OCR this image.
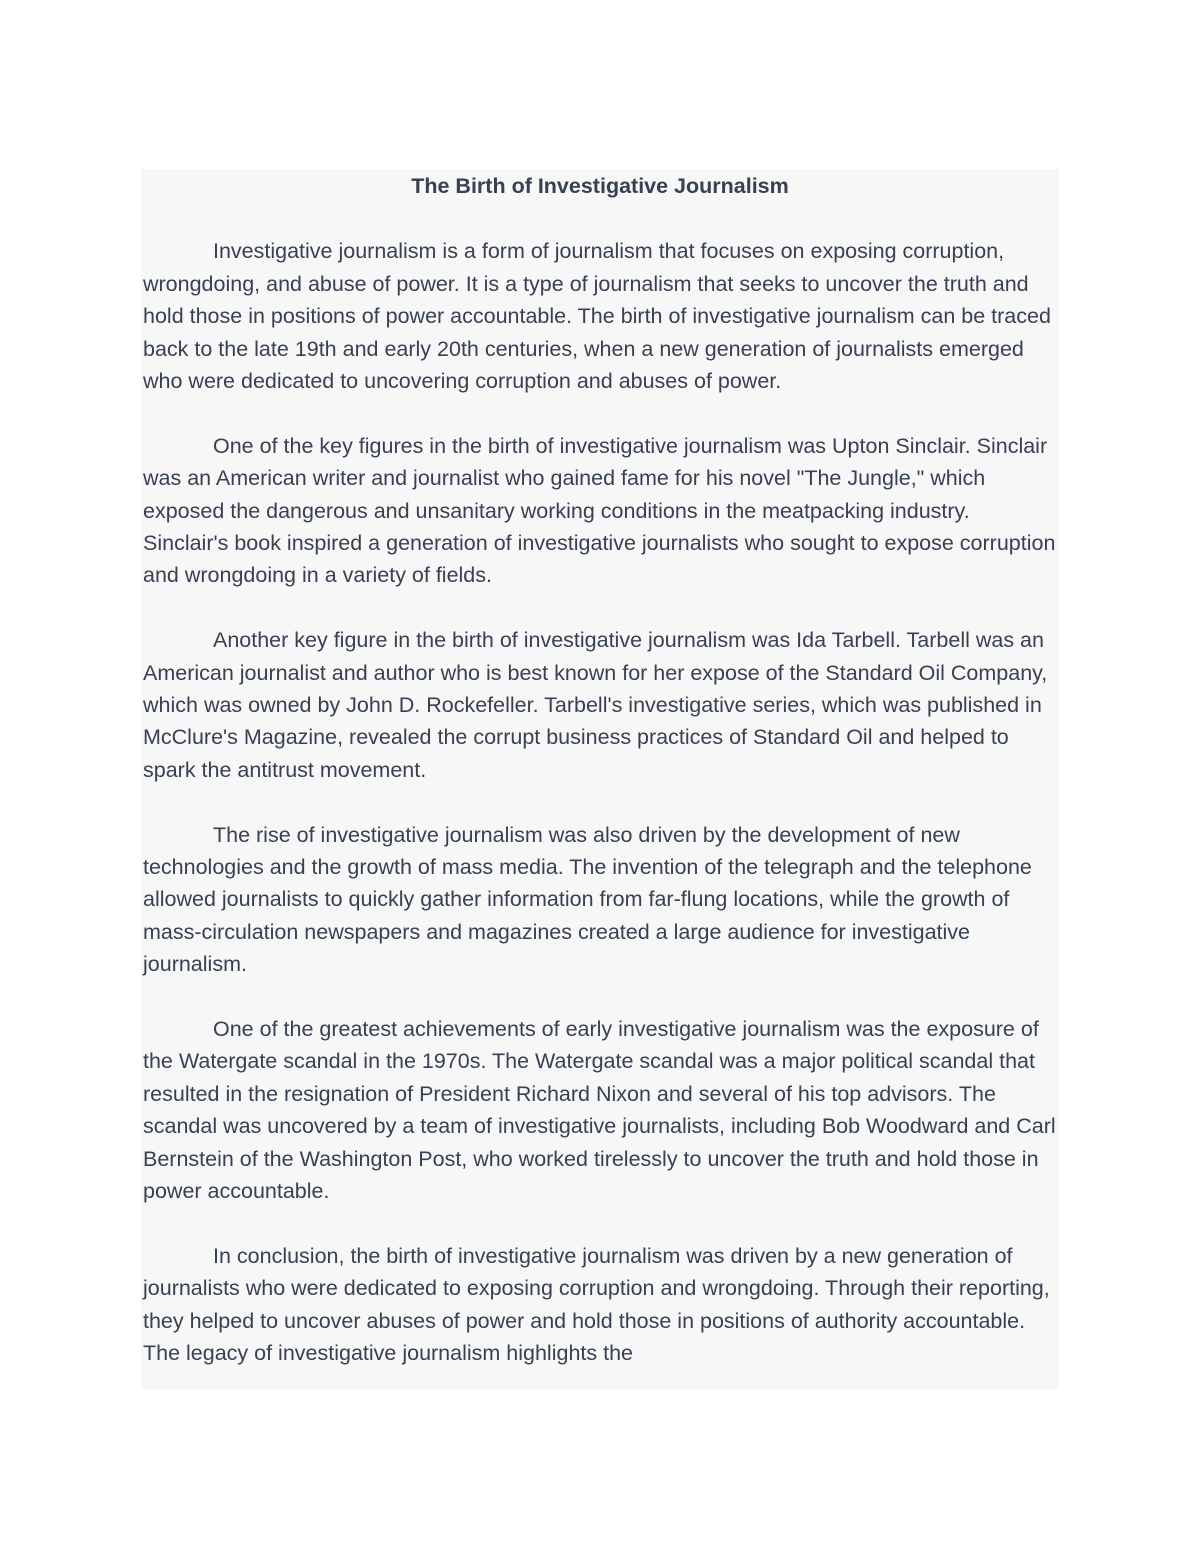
The Birth of Investigative Journalism

Investigative journalism is a form of journalism that focuses on exposing corruption, wrongdoing, and abuse of power. It is a type of journalism that seeks to uncover the truth and hold those in positions of power accountable. The birth of investigative journalism can be traced back to the late 19th and early 20th centuries, when a new generation of journalists emerged who were dedicated to uncovering corruption and abuses of power.

One of the key figures in the birth of investigative journalism was Upton Sinclair. Sinclair was an American writer and journalist who gained fame for his novel "The Jungle," which exposed the dangerous and unsanitary working conditions in the meatpacking industry. Sinclair's book inspired a generation of investigative journalists who sought to expose corruption and wrongdoing in a variety of fields.

Another key figure in the birth of investigative journalism was Ida Tarbell. Tarbell was an American journalist and author who is best known for her expose of the Standard Oil Company, which was owned by John D. Rockefeller. Tarbell's investigative series, which was published in McClure's Magazine, revealed the corrupt business practices of Standard Oil and helped to spark the antitrust movement.

The rise of investigative journalism was also driven by the development of new technologies and the growth of mass media. The invention of the telegraph and the telephone allowed journalists to quickly gather information from far-flung locations, while the growth of mass-circulation newspapers and magazines created a large audience for investigative journalism.

One of the greatest achievements of early investigative journalism was the exposure of the Watergate scandal in the 1970s. The Watergate scandal was a major political scandal that resulted in the resignation of President Richard Nixon and several of his top advisors. The scandal was uncovered by a team of investigative journalists, including Bob Woodward and Carl Bernstein of the Washington Post, who worked tirelessly to uncover the truth and hold those in power accountable.

In conclusion, the birth of investigative journalism was driven by a new generation of journalists who were dedicated to exposing corruption and wrongdoing. Through their reporting, they helped to uncover abuses of power and hold those in positions of authority accountable. The legacy of investigative journalism highlights the
